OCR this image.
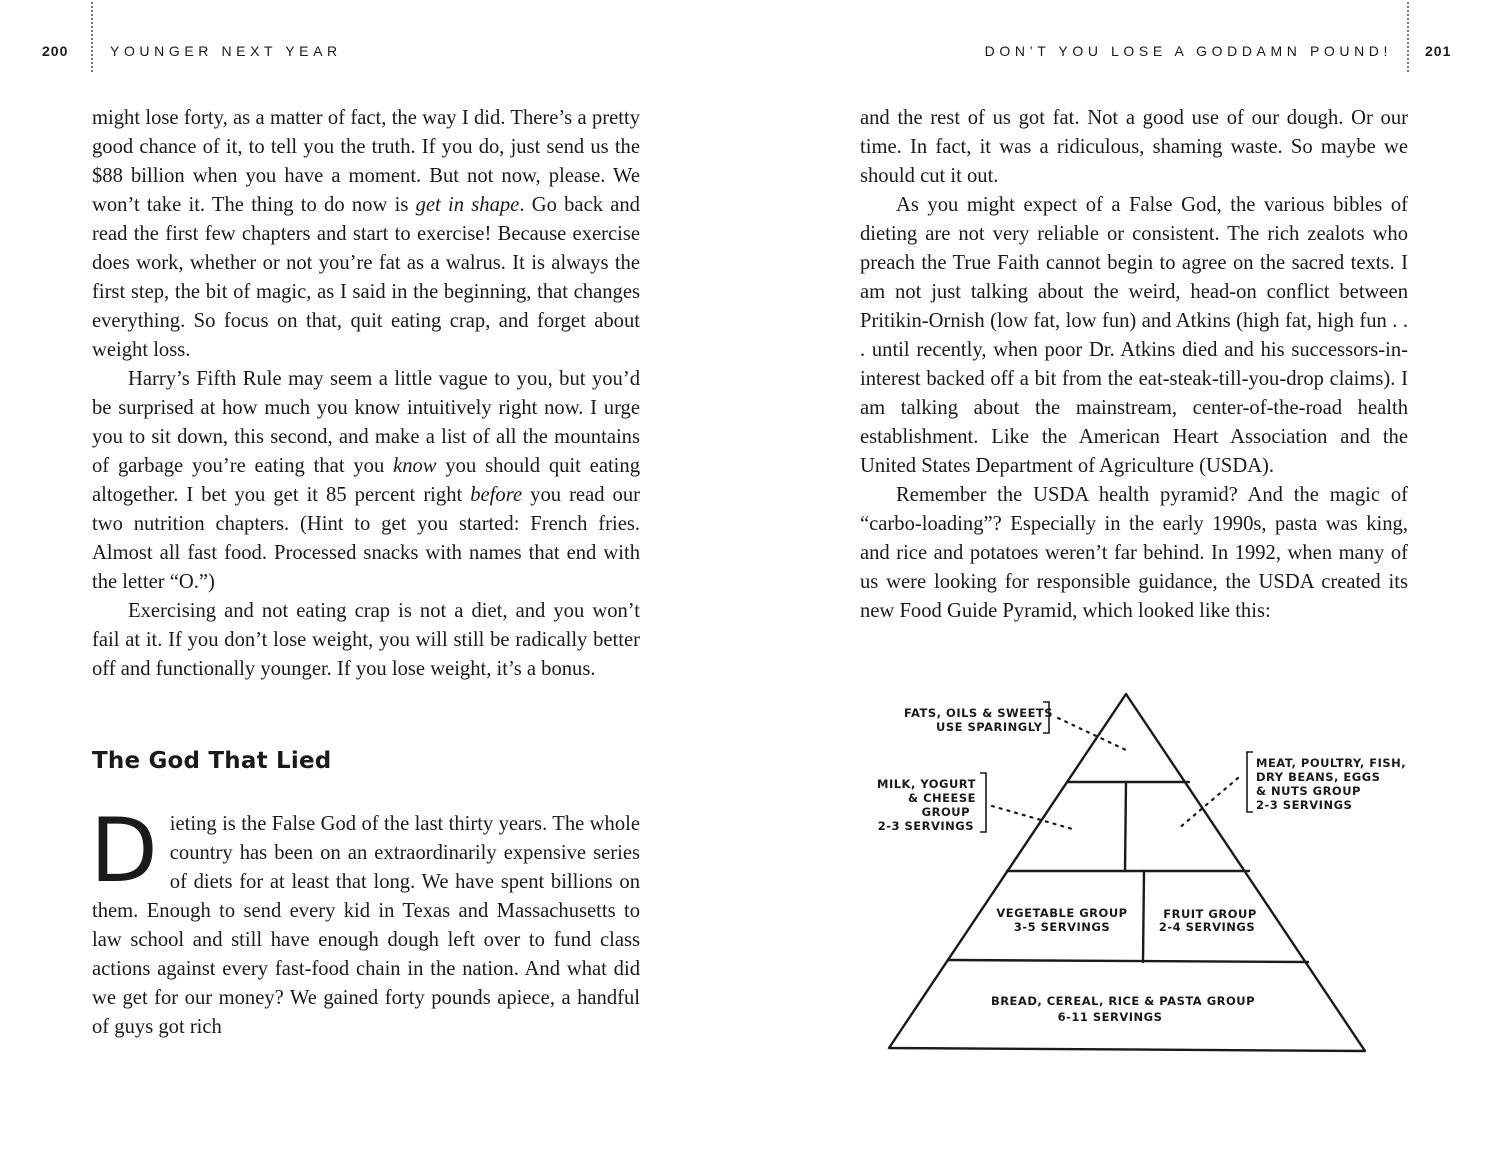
200	YOUNGER NEXT YEAR	DON’T YOU LOSE A GODDAMN POUND! 201

might lose forty, as a matter of fact, the way I did. There’s a pretty good chance of it, to tell you the truth. If you do, just send us the $88 billion when you have a moment. But not now, please. We won’t take it. The thing to do now is get in shape. Go back and read the first few chapters and start to exercise! Because exercise does work, whether or not you’re fat as a walrus. It is always the first step, the bit of magic, as I said in the beginning, that changes everything. So focus on that, quit eating crap, and forget about weight loss.

Harry’s Fifth Rule may seem a little vague to you, but you’d be surprised at how much you know intuitively right now. I urge you to sit down, this second, and make a list of all the mountains of garbage you’re eating that you know you should quit eating altogether. I bet you get it 85 percent right before you read our two nutrition chapters. (Hint to get you started: French fries. Almost all fast food. Processed snacks with names that end with the letter “O.”)

Exercising and not eating crap is not a diet, and you won’t fail at it. If you don’t lose weight, you will still be radically better off and functionally younger. If you lose weight, it’s a bonus.

The God That Lied

Dieting is the False God of the last thirty years. The whole country has been on an extraordinarily expensive series of diets for at least that long. We have spent billions on them. Enough to send every kid in Texas and Massachusetts to law school and still have enough dough left over to fund class actions against every fast-food chain in the nation. And what did we get for our money? We gained forty pounds apiece, a handful of guys got rich

and the rest of us got fat. Not a good use of our dough. Or our time. In fact, it was a ridiculous, shaming waste. So maybe we should cut it out.

As you might expect of a False God, the various bibles of dieting are not very reliable or consistent. The rich zealots who preach the True Faith cannot begin to agree on the sacred texts. I am not just talking about the weird, head-on conflict between Pritikin-Ornish (low fat, low fun) and Atkins (high fat, high fun . . . until recently, when poor Dr. Atkins died and his successors-in-interest backed off a bit from the eat-steak-till-you-drop claims). I am talking about the mainstream, center-of-the-road health establishment. Like the American Heart Association and the United States Department of Agriculture (USDA).

Remember the USDA health pyramid? And the magic of “carbo-loading”? Especially in the early 1990s, pasta was king, and rice and potatoes weren’t far behind. In 1992, when many of us were looking for responsible guidance, the USDA created its new Food Guide Pyramid, which looked like this:

FATS, OILS & SWEETS
USE SPARINGLY
MILK, YOGURT
& CHEESE
GROUP
2-3 SERVINGS
MEAT, POULTRY, FISH,
DRY BEANS, EGGS
& NUTS GROUP
2-3 SERVINGS
VEGETABLE GROUP
3-5 SERVINGS
FRUIT GROUP
2-4 SERVINGS
BREAD, CEREAL, RICE & PASTA GROUP
6-11 SERVINGS
